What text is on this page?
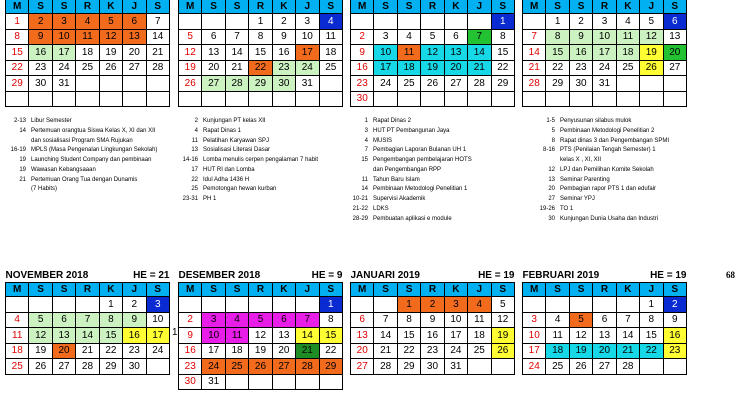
M	S	S	R	K	J	S
1	2	3	4	5	6	7
8	9	10	11	12	13	14
15	16	17	18	19	20	21
22	23	24	25	26	27	28
29	30	31				

M	S	S	R	K	J	S
			1	2	3	4
5	6	7	8	9	10	11
12	13	14	15	16	17	18
19	20	21	22	23	24	25
26	27	28	29	30	31	

M	S	S	R	K	J	S
						1
2	3	4	5	6	7	8
9	10	11	12	13	14	15
16	17	18	19	20	21	22
23	24	25	26	27	28	29
30						
M	S	S	R	K	J	S
	1	2	3	4	5	6
7	8	9	10	11	12	13
14	15	16	17	18	19	20
21	22	23	24	25	26	27
28	29	30	31			

2-13 Libur Semester
14 Pertemuan orangtua Siswa Kelas X, XI dan XII
dan sosialisasi Program SMA Rujukan
16-19 MPLS (Masa Pengenalan Lingkungan Sekolah)
19 Launching Student Company dan pembinaan
19 Wawasan Kebangsaaan
21 Pertemuan Orang Tua dengan Dunamis
(7 Habits)
2 Kunjungan PT kelas XII
4 Rapat Dinas 1
11 Pelatihan Karyawan SPJ
13 Sosialisasi Literasi Dasar
14-16 Lomba menulis cerpen pengalaman 7 habit
17 HUT RI dan Lomba
22 Idul Adha 1436 H
25 Pemotongan hewan kurban
23-31 PH 1
1 Rapat Dinas 2
3 HUT PT Pembangunan Jaya
4 MUSIS
7 Pembagian Laporan Bulanan UH 1
15 Pengembangan pembelajaran HOTS
dan Pengembangan RPP
11 Tahun Baru Islam
14 Pembinaan Metodologi Penelitian 1
10-21 Supervisi Akademik
21-22 LDKS
28-29 Pembuatan aplikasi e module
1-5 Penyusunan silabus mulok
5 Pembinaan Metodologi Penelitian 2
8 Rapat dinas 3 dan Pengembangan SPMI
8-16 PTS (Penilaian Tengah Semester) 1
kelas X , XI, XII
12 LPJ dan Pemilihan Komite Sekolah
13 Seminar Parenting
20 Pembagian rapor PTS 1 dan edufair
27 Seminar YPJ
19-26 TO 1
30 Kunjungan Dunia Usaha dan Industri
68
1
NOVEMBER 2018				HE = 21		
M	S	S	R	K	J	S
				1	2	3
4	5	6	7	8	9	10
11	12	13	14	15	16	17
18	19	20	21	22	23	24
25	26	27	28	29	30	
DESEMBER 2018				HE = 9		
M	S	S	R	K	J	S
						1
2	3	4	5	6	7	8
9	10	11	12	13	14	15
16	17	18	19	20	21	22
23	24	25	26	27	28	29
30	31					
JANUARI 2019				HE = 19		
M	S	S	R	K	J	S
		1	2	3	4	5
6	7	8	9	10	11	12
13	14	15	16	17	18	19
20	21	22	23	24	25	26
27	28	29	30	31		
FEBRUARI 2019				HE = 19		
M	S	S	R	K	J	S
					1	2
3	4	5	6	7	8	9
10	11	12	13	14	15	16
17	18	19	20	21	22	23
24	25	26	27	28		
